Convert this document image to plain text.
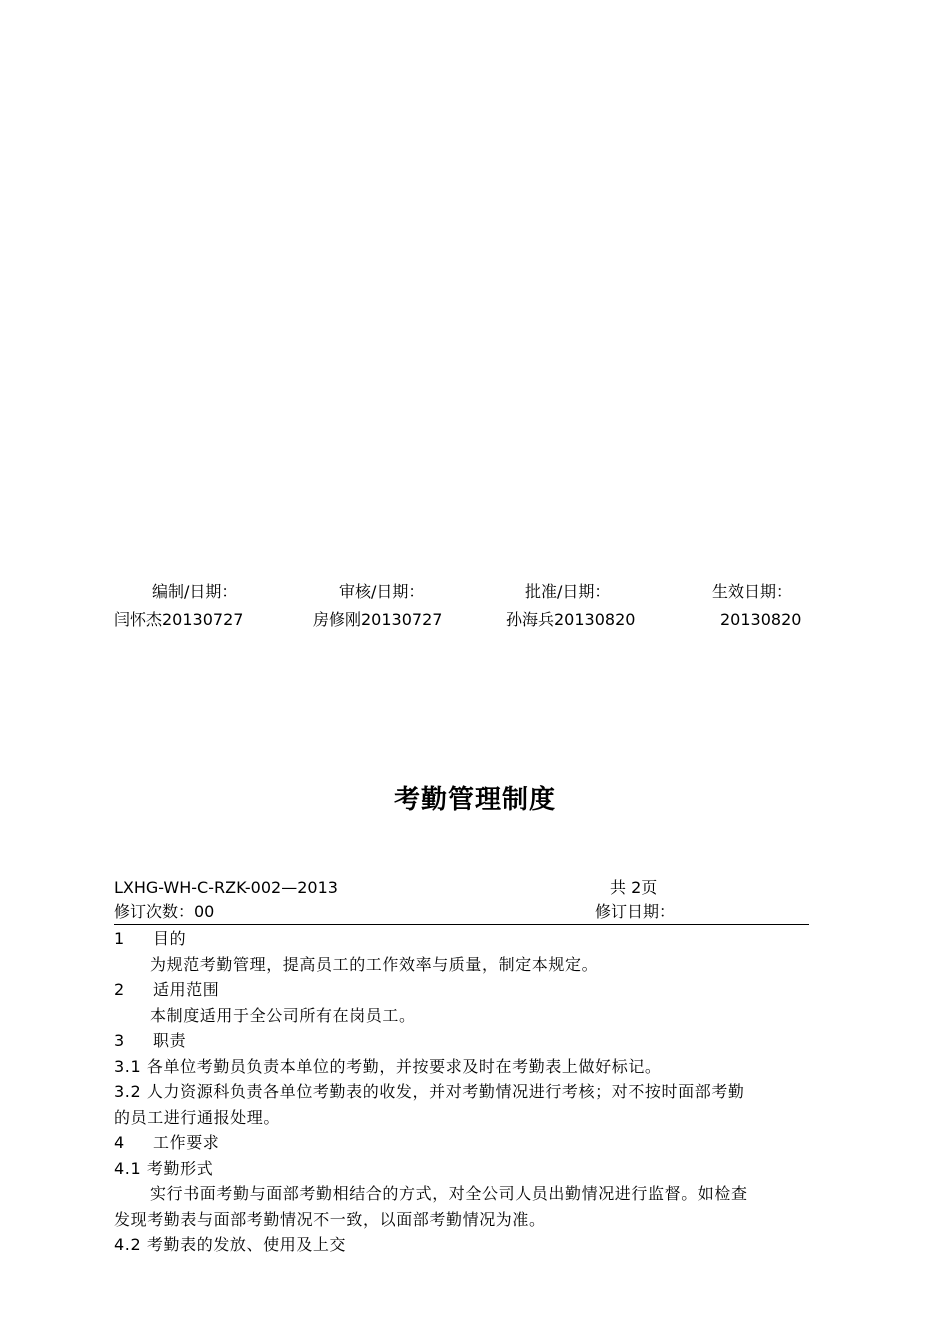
编制/日期：	审核/日期：	批准/日期：	生效日期：
闫怀杰20130727	房修刚20130727	孙海兵20130820	20130820
考勤管理制度
LXHG-WH-C-RZK-002—2013	共 2页
修订次数：00	修订日期：
1 目的
为规范考勤管理，提高员工的工作效率与质量，制定本规定。
2 适用范围
本制度适用于全公司所有在岗员工。
3 职责
3.1 各单位考勤员负责本单位的考勤，并按要求及时在考勤表上做好标记。
3.2 人力资源科负责各单位考勤表的收发，并对考勤情况进行考核；对不按时面部考勤
的员工进行通报处理。
4 工作要求
4.1 考勤形式
实行书面考勤与面部考勤相结合的方式，对全公司人员出勤情况进行监督。如检查
发现考勤表与面部考勤情况不一致，以面部考勤情况为准。
4.2 考勤表的发放、使用及上交
